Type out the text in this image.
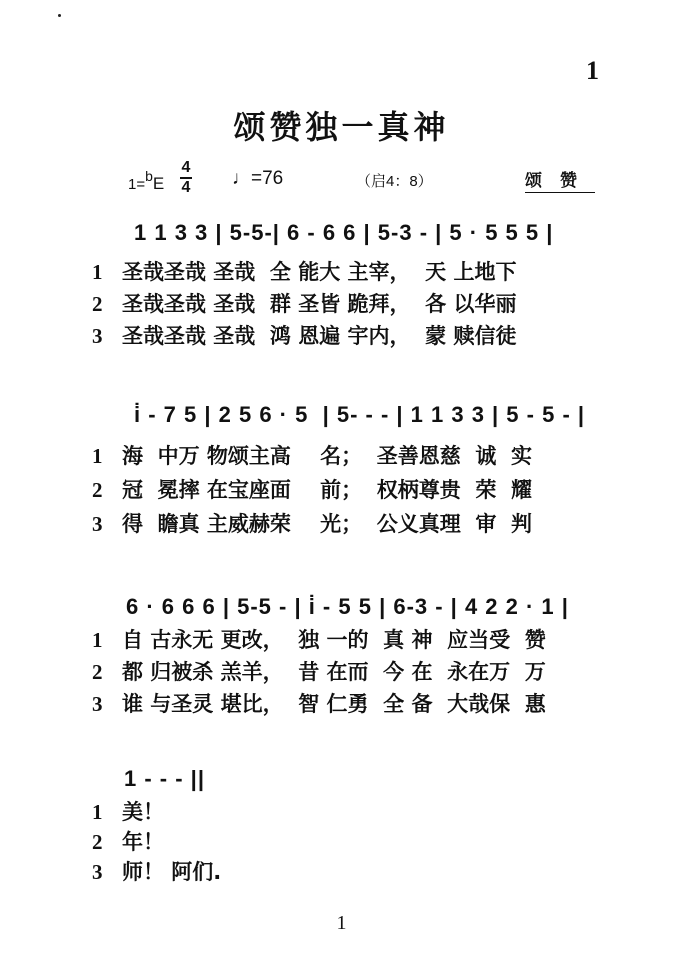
1
颂赞独一真神
1=$^b$E
4
4 ♩=76	（启4：8）	颂赞
1 1 3 3 | 5-5-| 6 - 6 6 | 5-3 - | 5 · 5 5 5 |
1 圣哉圣哉 圣哉  全 能大 主宰，  天 上地下
2 圣哉圣哉 圣哉  群 圣皆 跪拜，  各 以华丽
3 圣哉圣哉 圣哉  鸿 恩遍 宇内，  蒙 赎信徒
i̇ - 7 5 | 2 5 6 · 5  | 5- - - | 1 1 3 3 | 5 - 5 - |
1 海  中万 物颂主高    名；  圣善恩慈  诚  实
2 冠  冕摔 在宝座面    前；  权柄尊贵  荣  耀
3 得  瞻真 主威赫荣    光；  公义真理  审  判
6 · 6 6 6 | 5-5 - | i̇ - 5 5 | 6-3 - | 4 2 2 · 1 |
1 自 古永无 更改，  独 一的  真 神  应当受  赞
2 都 归被杀 羔羊，  昔 在而  今 在  永在万  万
3 谁 与圣灵 堪比，  智 仁勇  全 备  大哉保  惠
1 - - - ||
1 美！
2 年！
3 师！ 阿们.
1
